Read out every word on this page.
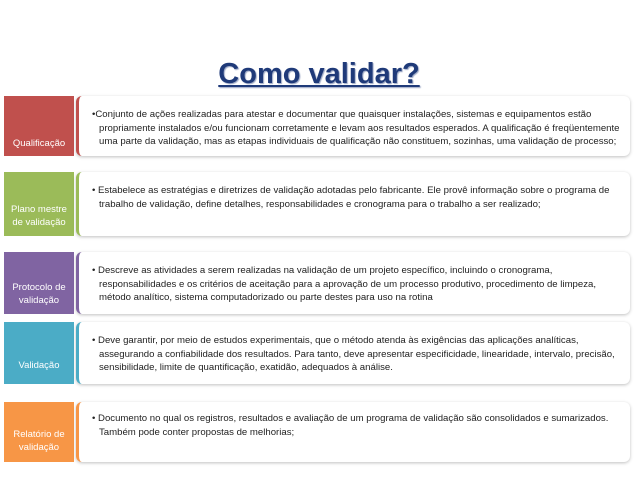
Como validar?
Qualificação

•Conjunto de ações realizadas para atestar e documentar que quaisquer instalações, sistemas e equipamentos estão propriamente instalados e/ou funcionam corretamente e levam aos resultados esperados. A qualificação é freqüentemente uma parte da validação, mas as etapas individuais de qualificação não constituem, sozinhas, uma validação de processo;

Plano mestre de validação

• Estabelece as estratégias e diretrizes de validação adotadas pelo fabricante. Ele provê informação sobre o programa de trabalho de validação, define detalhes, responsabilidades e cronograma para o trabalho a ser realizado;

Protocolo de validação

• Descreve as atividades a serem realizadas na validação de um projeto específico, incluindo o cronograma, responsabilidades e os critérios de aceitação para a aprovação de um processo produtivo, procedimento de limpeza, método analítico, sistema computadorizado ou parte destes para uso na rotina

Validação

• Deve garantir, por meio de estudos experimentais, que o método atenda às exigências das aplicações analíticas, assegurando a confiabilidade dos resultados. Para tanto, deve apresentar especificidade, linearidade, intervalo, precisão, sensibilidade, limite de quantificação, exatidão, adequados à análise.

Relatório de validação

• Documento no qual os registros, resultados e avaliação de um programa de validação são consolidados e sumarizados. Também pode conter propostas de melhorias;
